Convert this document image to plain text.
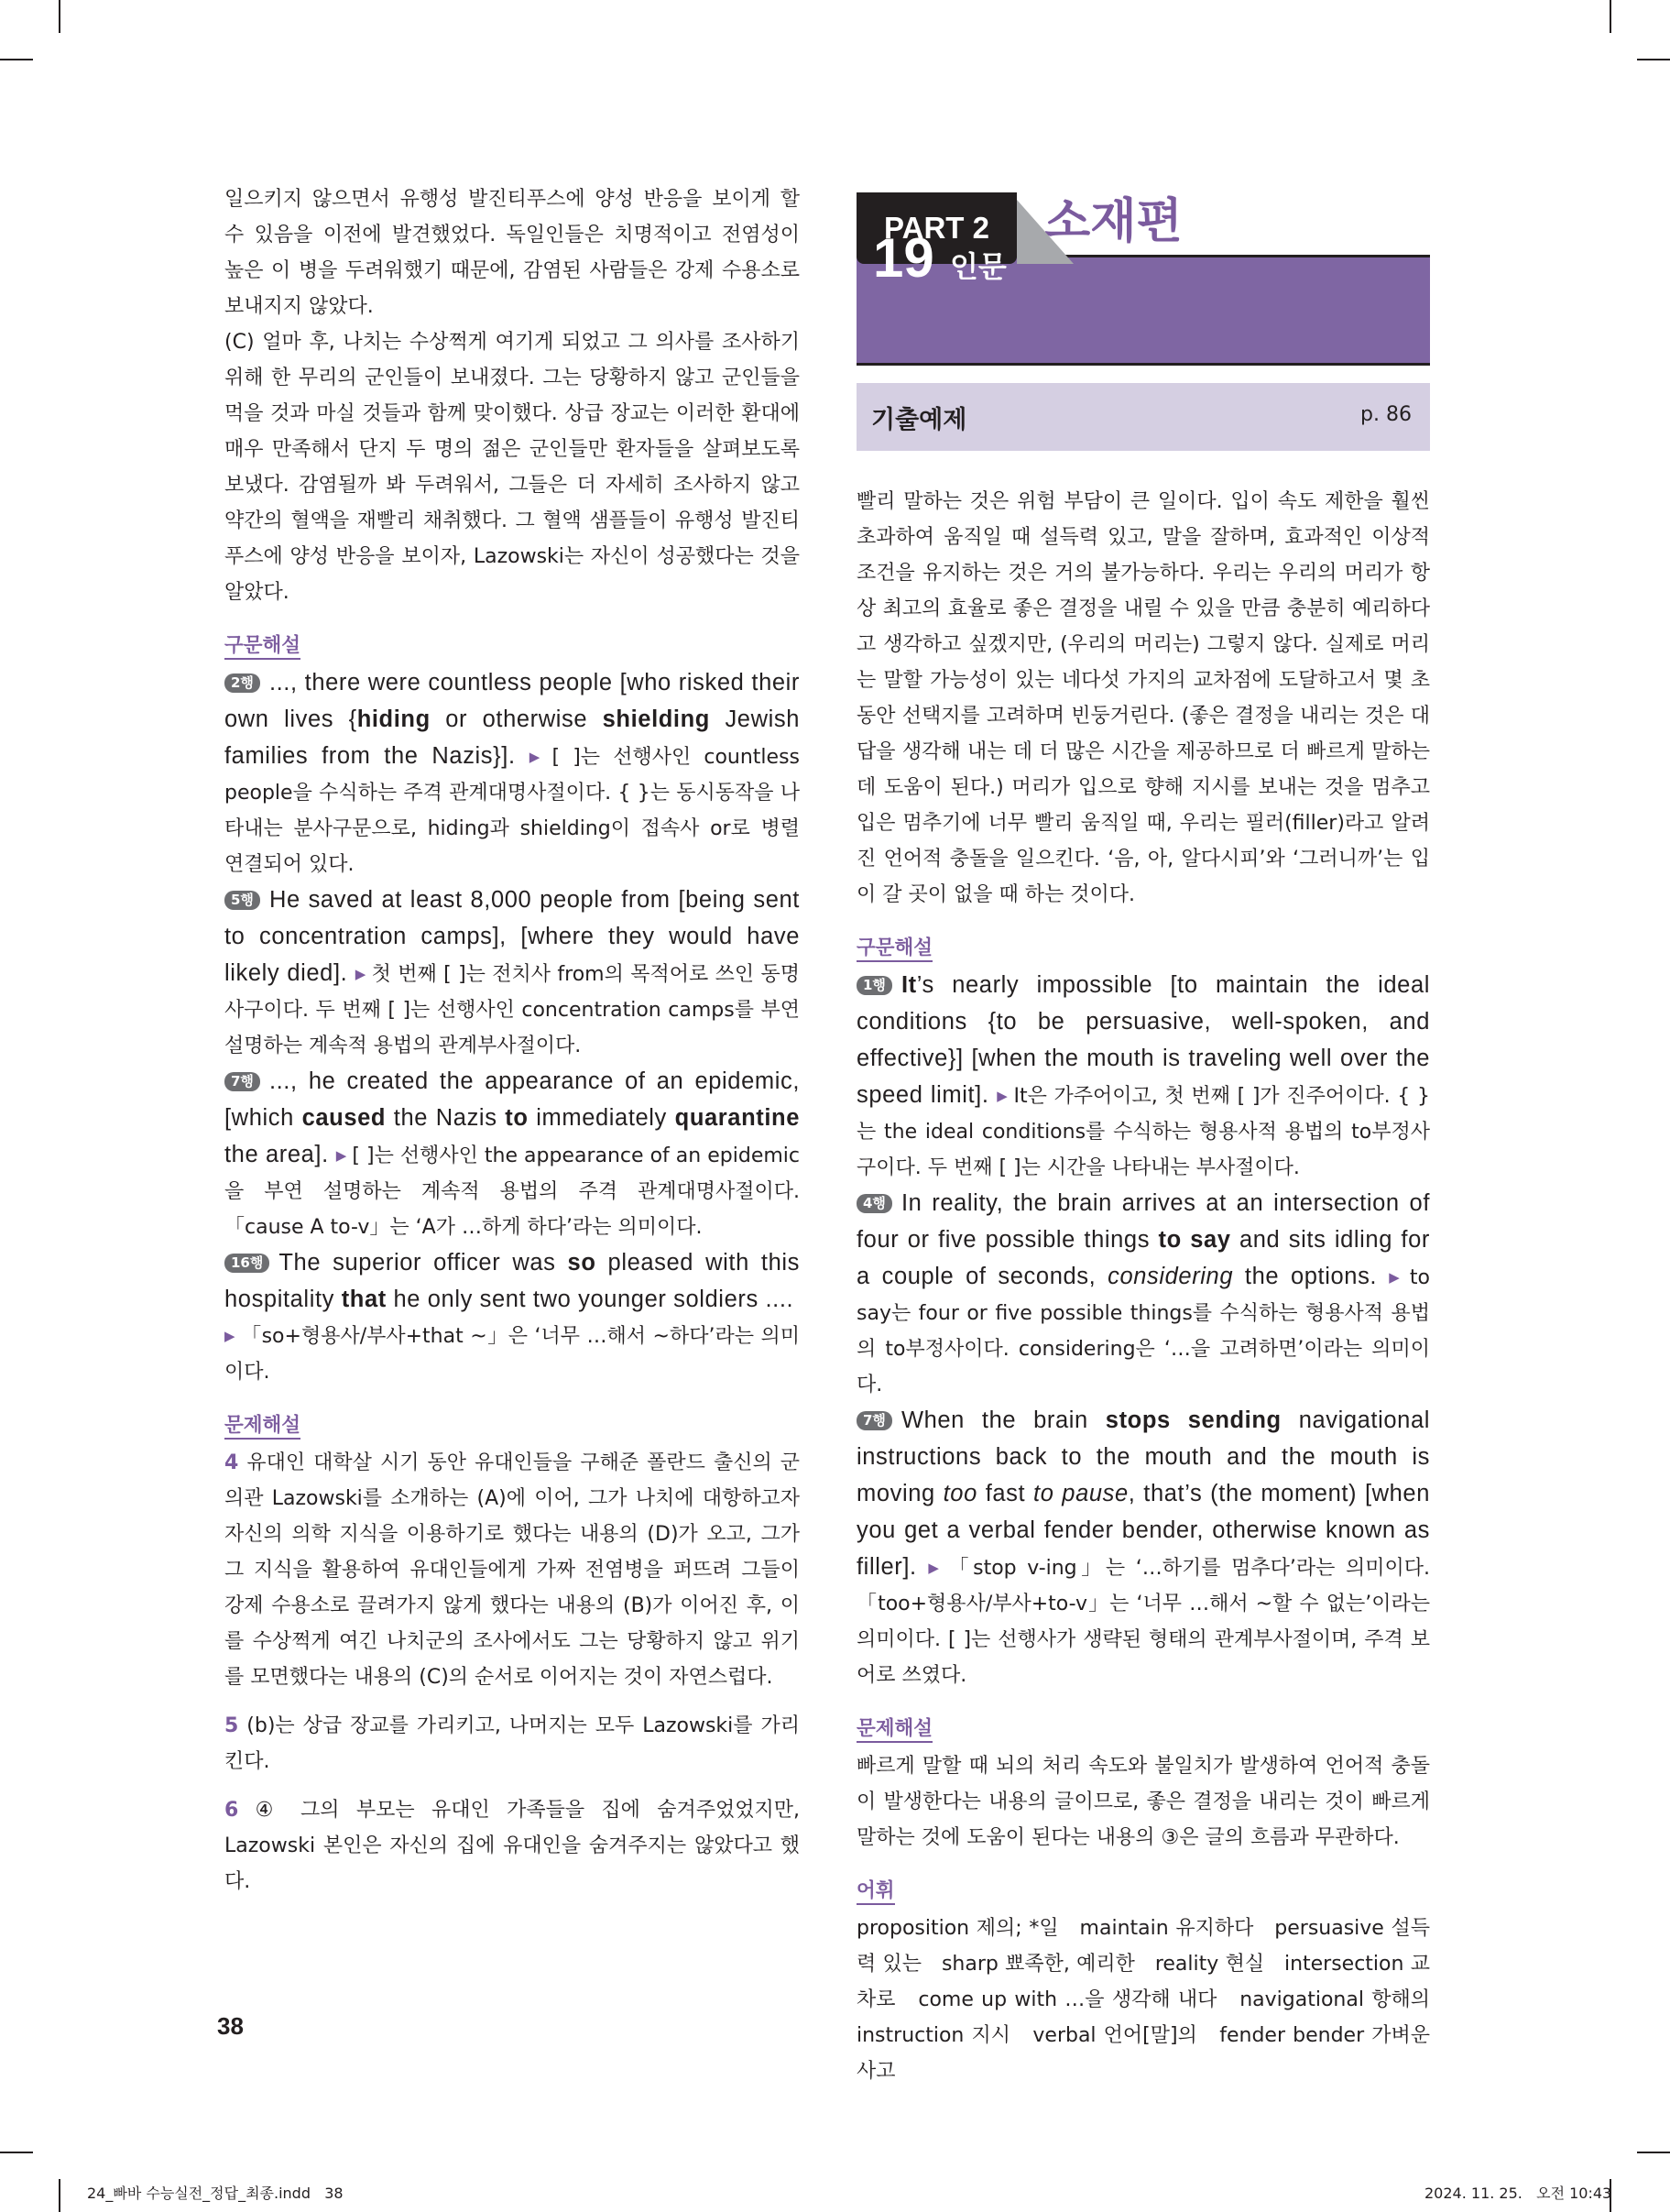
일으키지 않으면서 유행성 발진티푸스에 양성 반응을 보이게 할 수 있음을 이전에 발견했었다. 독일인들은 치명적이고 전염성이 높은 이 병을 두려워했기 때문에, 감염된 사람들은 강제 수용소로 보내지지 않았다.

(C) 얼마 후, 나치는 수상쩍게 여기게 되었고 그 의사를 조사하기 위해 한 무리의 군인들이 보내졌다. 그는 당황하지 않고 군인들을 먹을 것과 마실 것들과 함께 맞이했다. 상급 장교는 이러한 환대에 매우 만족해서 단지 두 명의 젊은 군인들만 환자들을 살펴보도록 보냈다. 감염될까 봐 두려워서, 그들은 더 자세히 조사하지 않고 약간의 혈액을 재빨리 채취했다. 그 혈액 샘플들이 유행성 발진티푸스에 양성 반응을 보이자, Lazowski는 자신이 성공했다는 것을 알았다.

구문해설

2행 ..., there were countless people [who risked their own lives {hiding or otherwise shielding Jewish families from the Nazis}]. ▶ [ ]는 선행사인 countless people을 수식하는 주격 관계대명사절이다. { }는 동시동작을 나타내는 분사구문으로, hiding과 shielding이 접속사 or로 병렬 연결되어 있다.

5행 He saved at least 8,000 people from [being sent to concentration camps], [where they would have likely died]. ▶ 첫 번째 [ ]는 전치사 from의 목적어로 쓰인 동명사구이다. 두 번째 [ ]는 선행사인 concentration camps를 부연 설명하는 계속적 용법의 관계부사절이다.

7행 ..., he created the appearance of an epidemic, [which caused the Nazis to immediately quarantine the area]. ▶ [ ]는 선행사인 the appearance of an epidemic을 부연 설명하는 계속적 용법의 주격 관계대명사절이다. 「cause A to-v」는 ‘A가 …하게 하다’라는 의미이다.

16행 The superior officer was so pleased with this hospitality that he only sent two younger soldiers ....
▶ 「so+형용사/부사+that ~」은 ‘너무 …해서 ~하다’라는 의미이다.

문제해설

4 유대인 대학살 시기 동안 유대인들을 구해준 폴란드 출신의 군의관 Lazowski를 소개하는 (A)에 이어, 그가 나치에 대항하고자 자신의 의학 지식을 이용하기로 했다는 내용의 (D)가 오고, 그가 그 지식을 활용하여 유대인들에게 가짜 전염병을 퍼뜨려 그들이 강제 수용소로 끌려가지 않게 했다는 내용의 (B)가 이어진 후, 이를 수상쩍게 여긴 나치군의 조사에서도 그는 당황하지 않고 위기를 모면했다는 내용의 (C)의 순서로 이어지는 것이 자연스럽다.

5 (b)는 상급 장교를 가리키고, 나머지는 모두 Lazowski를 가리킨다.

6 ④ 그의 부모는 유대인 가족들을 집에 숨겨주었었지만, Lazowski 본인은 자신의 집에 유대인을 숨겨주지는 않았다고 했다.

PART 2	소재편
19 인문
기출예제	p. 86

빨리 말하는 것은 위험 부담이 큰 일이다. 입이 속도 제한을 훨씬 초과하여 움직일 때 설득력 있고, 말을 잘하며, 효과적인 이상적 조건을 유지하는 것은 거의 불가능하다. 우리는 우리의 머리가 항상 최고의 효율로 좋은 결정을 내릴 수 있을 만큼 충분히 예리하다고 생각하고 싶겠지만, (우리의 머리는) 그렇지 않다. 실제로 머리는 말할 가능성이 있는 네다섯 가지의 교차점에 도달하고서 몇 초 동안 선택지를 고려하며 빈둥거린다. (좋은 결정을 내리는 것은 대답을 생각해 내는 데 더 많은 시간을 제공하므로 더 빠르게 말하는 데 도움이 된다.) 머리가 입으로 향해 지시를 보내는 것을 멈추고 입은 멈추기에 너무 빨리 움직일 때, 우리는 필러(filler)라고 알려진 언어적 충돌을 일으킨다. ‘음, 아, 알다시피’와 ‘그러니까’는 입이 갈 곳이 없을 때 하는 것이다.

구문해설

1행 It’s nearly impossible [to maintain the ideal conditions {to be persuasive, well-spoken, and effective}] [when the mouth is traveling well over the speed limit]. ▶ It은 가주어이고, 첫 번째 [ ]가 진주어이다. { }는 the ideal conditions를 수식하는 형용사적 용법의 to부정사구이다. 두 번째 [ ]는 시간을 나타내는 부사절이다.

4행 In reality, the brain arrives at an intersection of four or five possible things to say and sits idling for a couple of seconds, considering the options. ▶ to say는 four or five possible things를 수식하는 형용사적 용법의 to부정사이다. considering은 ‘…을 고려하면’이라는 의미이다.

7행 When the brain stops sending navigational instructions back to the mouth and the mouth is moving too fast to pause, that’s (the moment) [when you get a verbal fender bender, otherwise known as filler]. ▶ 「stop v-ing」는 ‘…하기를 멈추다’라는 의미이다. 「too+형용사/부사+to-v」는 ‘너무 …해서 ~할 수 없는’이라는 의미이다. [ ]는 선행사가 생략된 형태의 관계부사절이며, 주격 보어로 쓰였다.

문제해설

빠르게 말할 때 뇌의 처리 속도와 불일치가 발생하여 언어적 충돌이 발생한다는 내용의 글이므로, 좋은 결정을 내리는 것이 빠르게 말하는 것에 도움이 된다는 내용의 ③은 글의 흐름과 무관하다.

어휘

proposition 제의; *일   maintain 유지하다   persuasive 설득력 있는   sharp 뾰족한, 예리한   reality 현실   intersection 교차로   come up with …을 생각해 내다   navigational 항해의 instruction 지시   verbal 언어[말]의   fender bender 가벼운 사고

38
24_빠바 수능실전_정답_최종.indd   38	2024. 11. 25.   오전 10:43
